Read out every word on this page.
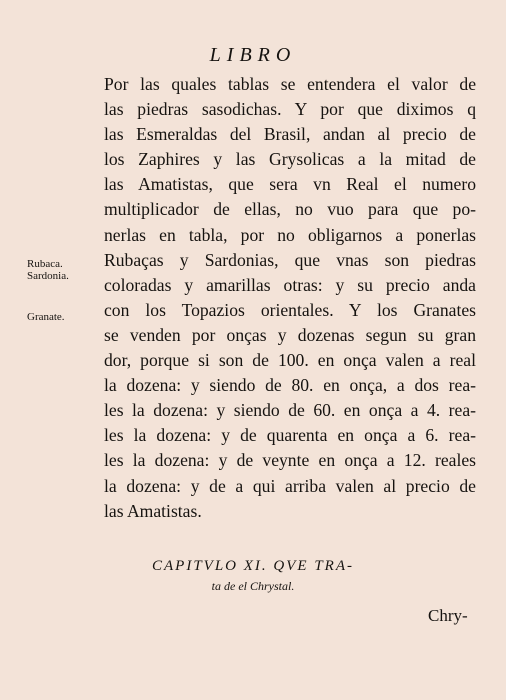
LIBRO
Por las quales tablas se entendera el valor de
las piedras sasodichas. Y por que diximos q
las Esmeraldas del Brasil, andan al precio de
los Zaphires y las Grysolicas a la mitad de
las Amatistas, que sera vn Real el numero
multiplicador de ellas, no vuo para que po-
nerlas en tabla, por no obligarnos a ponerlas
Rubaças y Sardonias, que vnas son piedras
coloradas y amarillas otras: y su precio anda
con los Topazios orientales. Y los Granates
se venden por onças y dozenas segun su gran
dor, porque si son de 100. en onça valen a real
la dozena: y siendo de 80. en onça, a dos rea-
les la dozena: y siendo de 60. en onça a 4. rea-
les la dozena: y de quarenta en onça a 6. rea-
les la dozena: y de veynte en onça a 12. reales
la dozena: y de a qui arriba valen al precio de
las Amatistas.
Rubaca.
Sardonia.
Granate.
CAPITVLO XI. QVE TRA-
ta de el Chrystal.
Chry-
